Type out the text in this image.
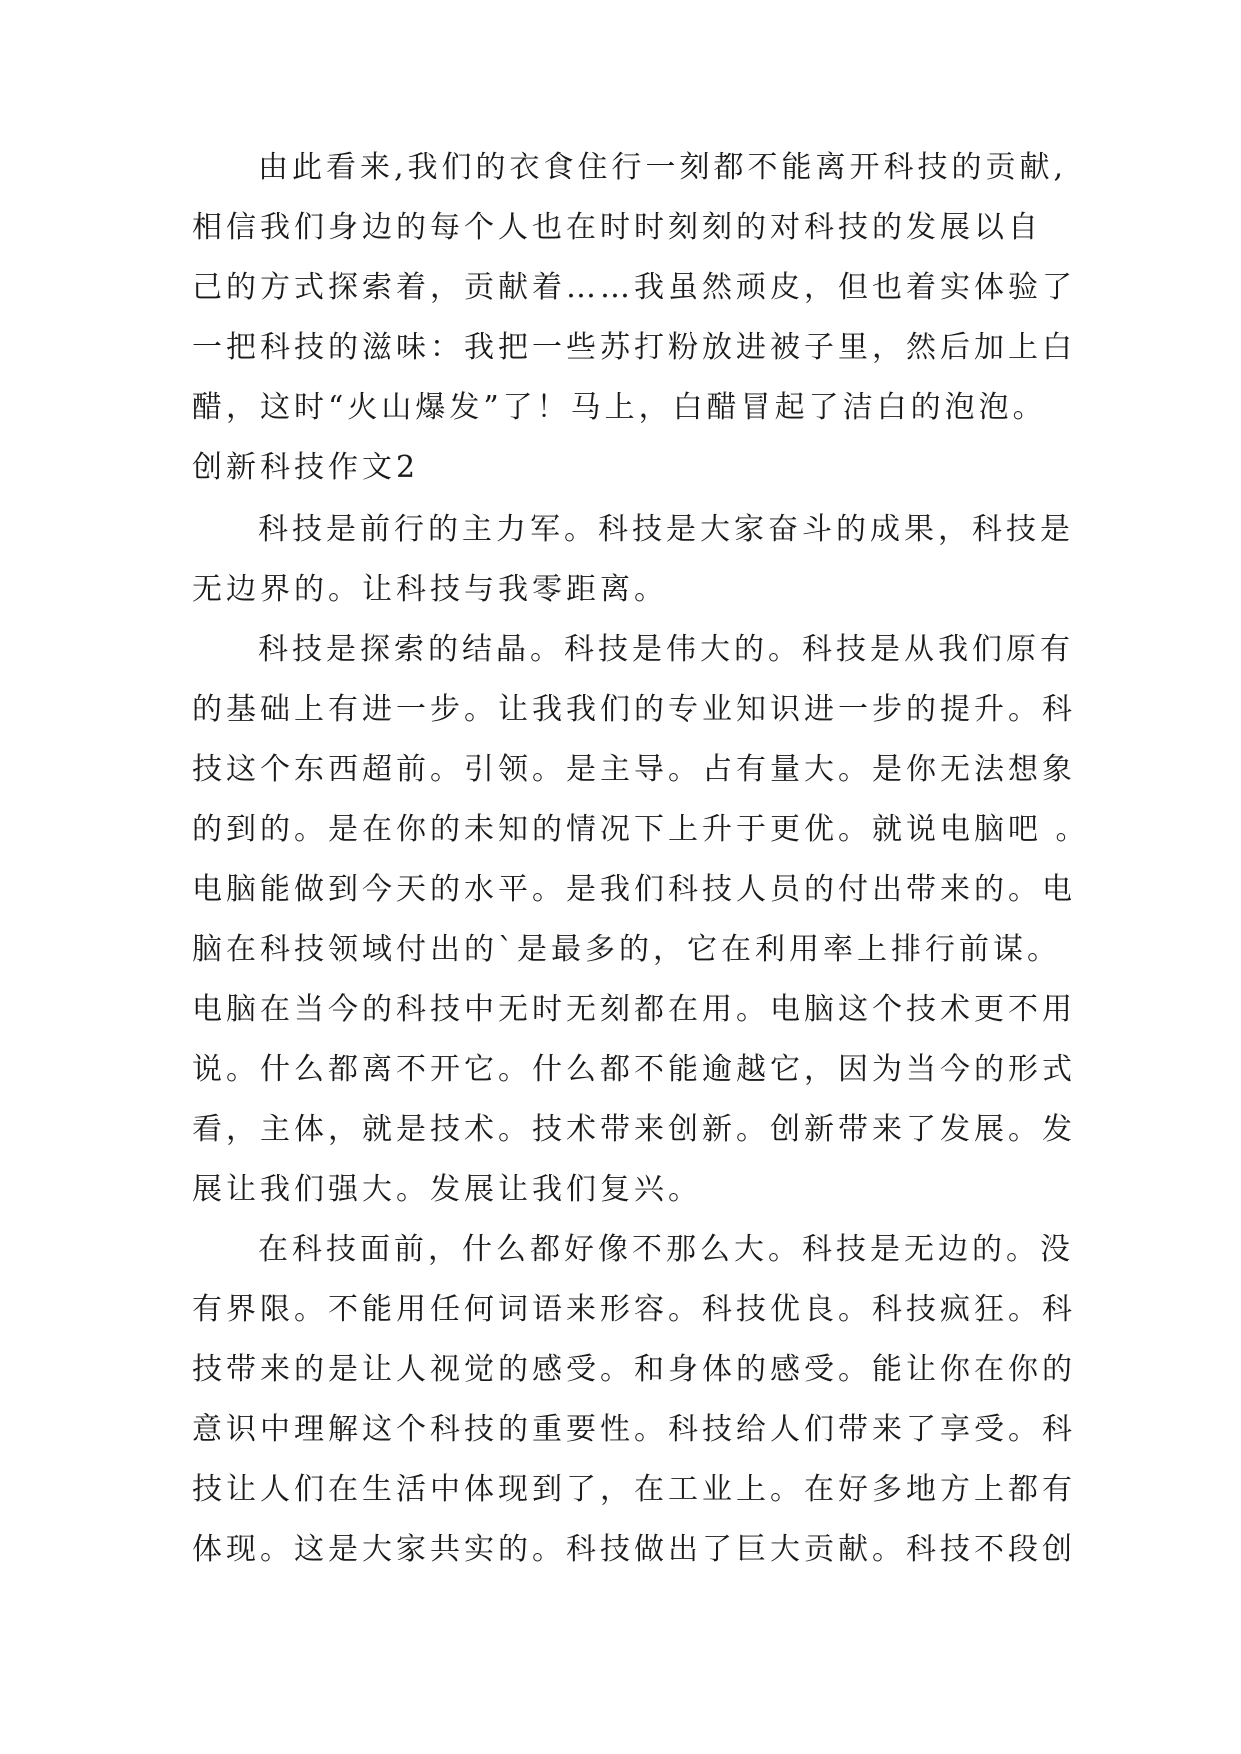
由此看来,我们的衣食住行一刻都不能离开科技的贡献,
相信我们身边的每个人也在时时刻刻的对科技的发展以自
己的方式探索着，贡献着……我虽然顽皮，但也着实体验了
一把科技的滋味：我把一些苏打粉放进被子里，然后加上白
醋，这时“火山爆发”了！马上，白醋冒起了洁白的泡泡。
创新科技作文2
科技是前行的主力军。科技是大家奋斗的成果，科技是
无边界的。让科技与我零距离。
科技是探索的结晶。科技是伟大的。科技是从我们原有
的基础上有进一步。让我我们的专业知识进一步的提升。科
技这个东西超前。引领。是主导。占有量大。是你无法想象
的到的。是在你的未知的情况下上升于更优。就说电脑吧 。
电脑能做到今天的水平。是我们科技人员的付出带来的。电
脑在科技领域付出的`是最多的，它在利用率上排行前谋。
电脑在当今的科技中无时无刻都在用。电脑这个技术更不用
说。什么都离不开它。什么都不能逾越它，因为当今的形式
看，主体，就是技术。技术带来创新。创新带来了发展。发
展让我们强大。发展让我们复兴。
在科技面前，什么都好像不那么大。科技是无边的。没
有界限。不能用任何词语来形容。科技优良。科技疯狂。科
技带来的是让人视觉的感受。和身体的感受。能让你在你的
意识中理解这个科技的重要性。科技给人们带来了享受。科
技让人们在生活中体现到了，在工业上。在好多地方上都有
体现。这是大家共实的。科技做出了巨大贡献。科技不段创
